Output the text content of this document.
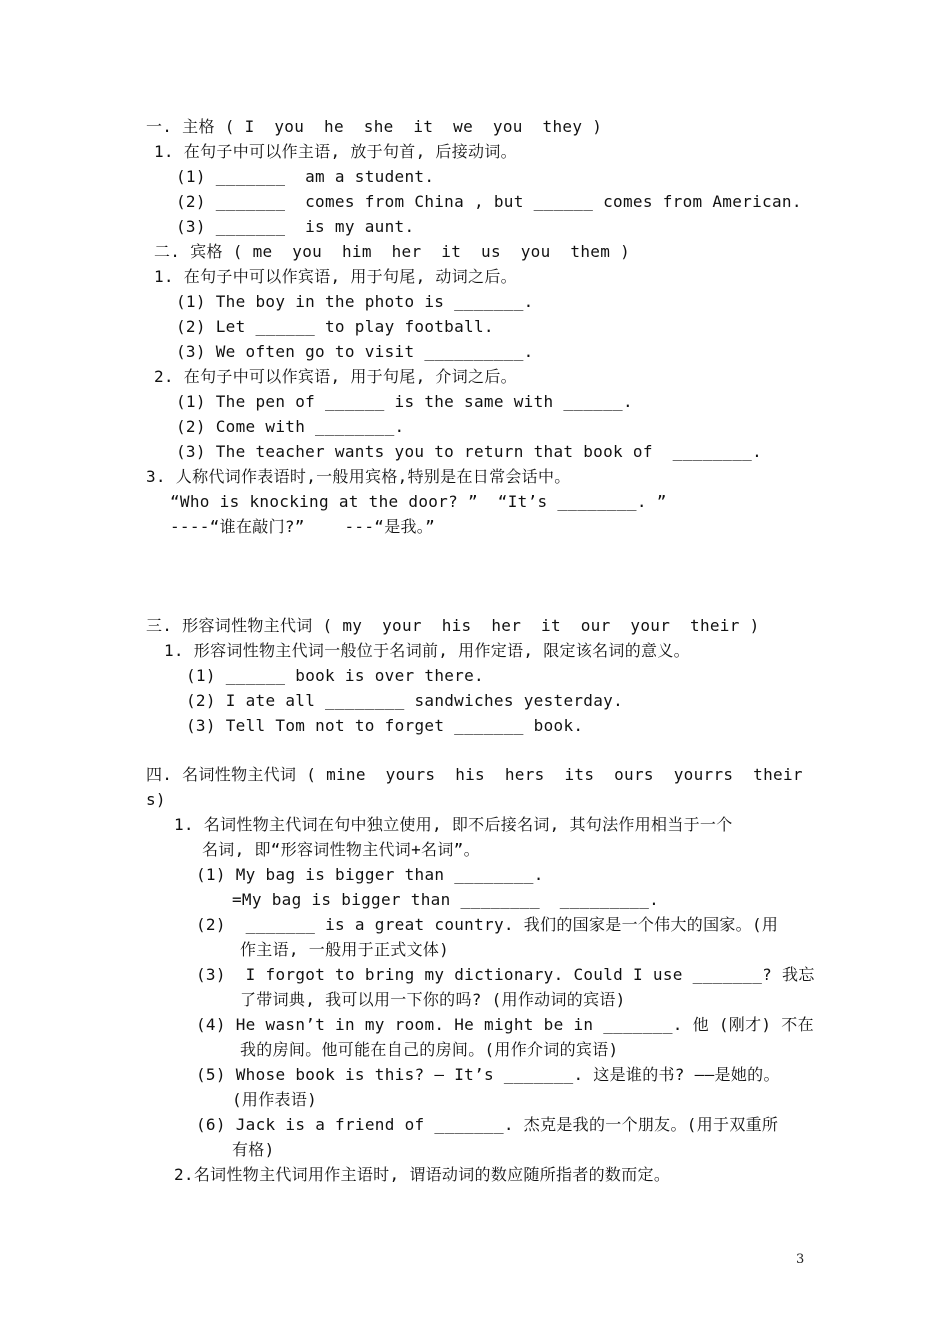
一. 主格 ( I  you  he  she  it  we  you  they )
1. 在句子中可以作主语, 放于句首, 后接动词。
(1) _______  am a student.
(2) _______  comes from China , but ______ comes from American.
(3) _______  is my aunt.
二. 宾格 ( me  you  him  her  it  us  you  them )
1. 在句子中可以作宾语, 用于句尾, 动词之后。
(1) The boy in the photo is _______.
(2) Let ______ to play football.
(3) We often go to visit __________.
2. 在句子中可以作宾语, 用于句尾, 介词之后。
(1) The pen of ______ is the same with ______.
(2) Come with ________.
(3) The teacher wants you to return that book of  ________.
3. 人称代词作表语时,一般用宾格,特别是在日常会话中。
“Who is knocking at the door? ”  “It’s ________. ”
----“谁在敲门?”    ---“是我。”
三. 形容词性物主代词 ( my  your  his  her  it  our  your  their )
1. 形容词性物主代词一般位于名词前, 用作定语, 限定该名词的意义。
(1) ______ book is over there.
(2) I ate all ________ sandwiches yesterday.
(3) Tell Tom not to forget _______ book.
四. 名词性物主代词 ( mine  yours  his  hers  its  ours  yourrs  their
s)
1. 名词性物主代词在句中独立使用, 即不后接名词, 其句法作用相当于一个
名词, 即“形容词性物主代词+名词”。
(1) My bag is bigger than ________.
=My bag is bigger than ________  _________.
(2)  _______ is a great country. 我们的国家是一个伟大的国家。(用
作主语, 一般用于正式文体)
(3)  I forgot to bring my dictionary. Could I use _______? 我忘
了带词典, 我可以用一下你的吗? (用作动词的宾语)
(4) He wasn’t in my room. He might be in _______. 他 (刚才) 不在
我的房间。他可能在自己的房间。(用作介词的宾语)
(5) Whose book is this? — It’s _______. 这是谁的书? ——是她的。
(用作表语)
(6) Jack is a friend of _______. 杰克是我的一个朋友。(用于双重所
有格)
2.名词性物主代词用作主语时, 谓语动词的数应随所指者的数而定。
3
